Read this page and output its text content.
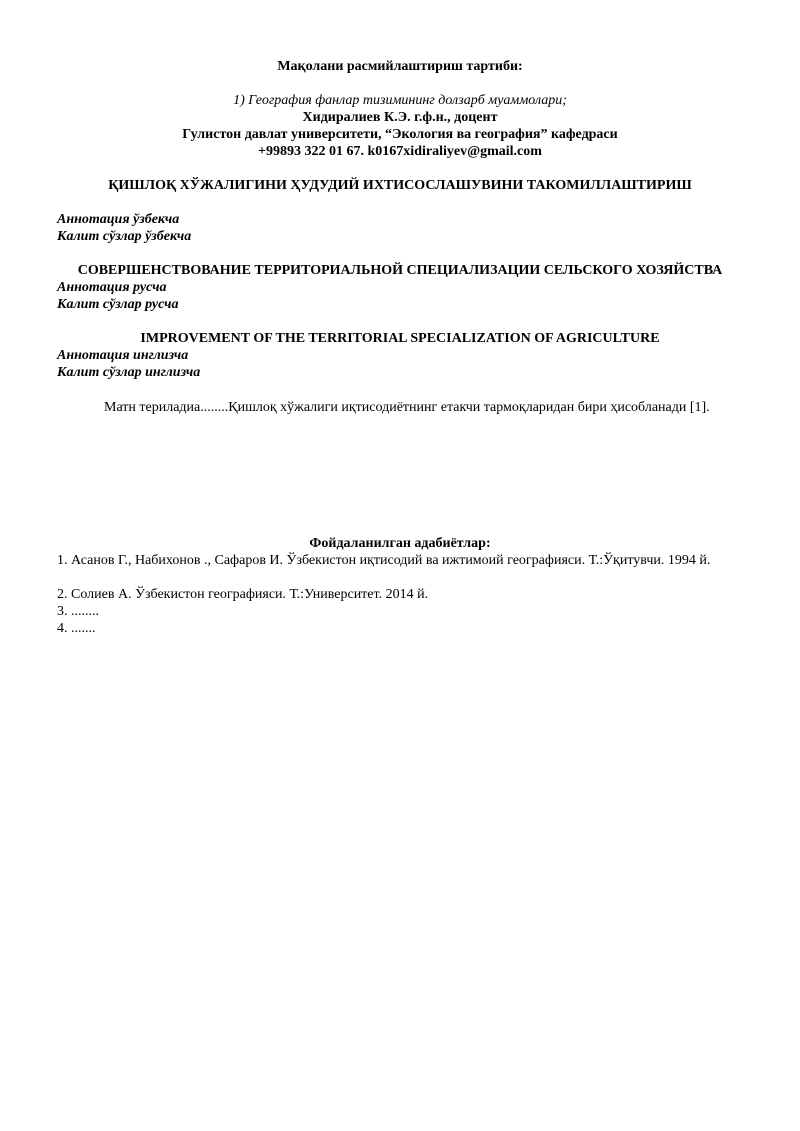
Мақолани расмийлаштириш тартиби:
1) География фанлар тизимининг долзарб муаммолари;
Хидиралиев К.Э. г.ф.н., доцент
Гулистон давлат университети, “Экология ва география” кафедраси
+99893 322 01 67. k0167xidiraliyev@gmail.com
ҚИШЛОҚ ХЎЖАЛИГИНИ ҲУДУДИЙ ИХТИСОСЛАШУВИНИ ТАКОМИЛЛАШТИРИШ
Аннотация ўзбекча
Калит сўзлар ўзбекча
СОВЕРШЕНСТВОВАНИЕ ТЕРРИТОРИАЛЬНОЙ СПЕЦИАЛИЗАЦИИ СЕЛЬСКОГО ХОЗЯЙСТВА
Аннотация русча
Калит сўзлар русча
IMPROVEMENT OF THE TERRITORIAL SPECIALIZATION OF AGRICULTURE
Аннотация инглизча
Калит сўзлар инглизча
Матн териладиa........Қишлоқ хўжалиги иқтисодиётнинг етакчи тармоқларидан бири ҳисобланади [1].
Фойдаланилган адабиётлар:
1. Асанов Г., Набихонов ., Сафаров И. Ўзбекистон иқтисодий ва ижтимоий географияси. Т.:Ўқитувчи. 1994 й.
2. Солиев А. Ўзбекистон географияси. Т.:Университет. 2014 й.
3. ........
4. .......
